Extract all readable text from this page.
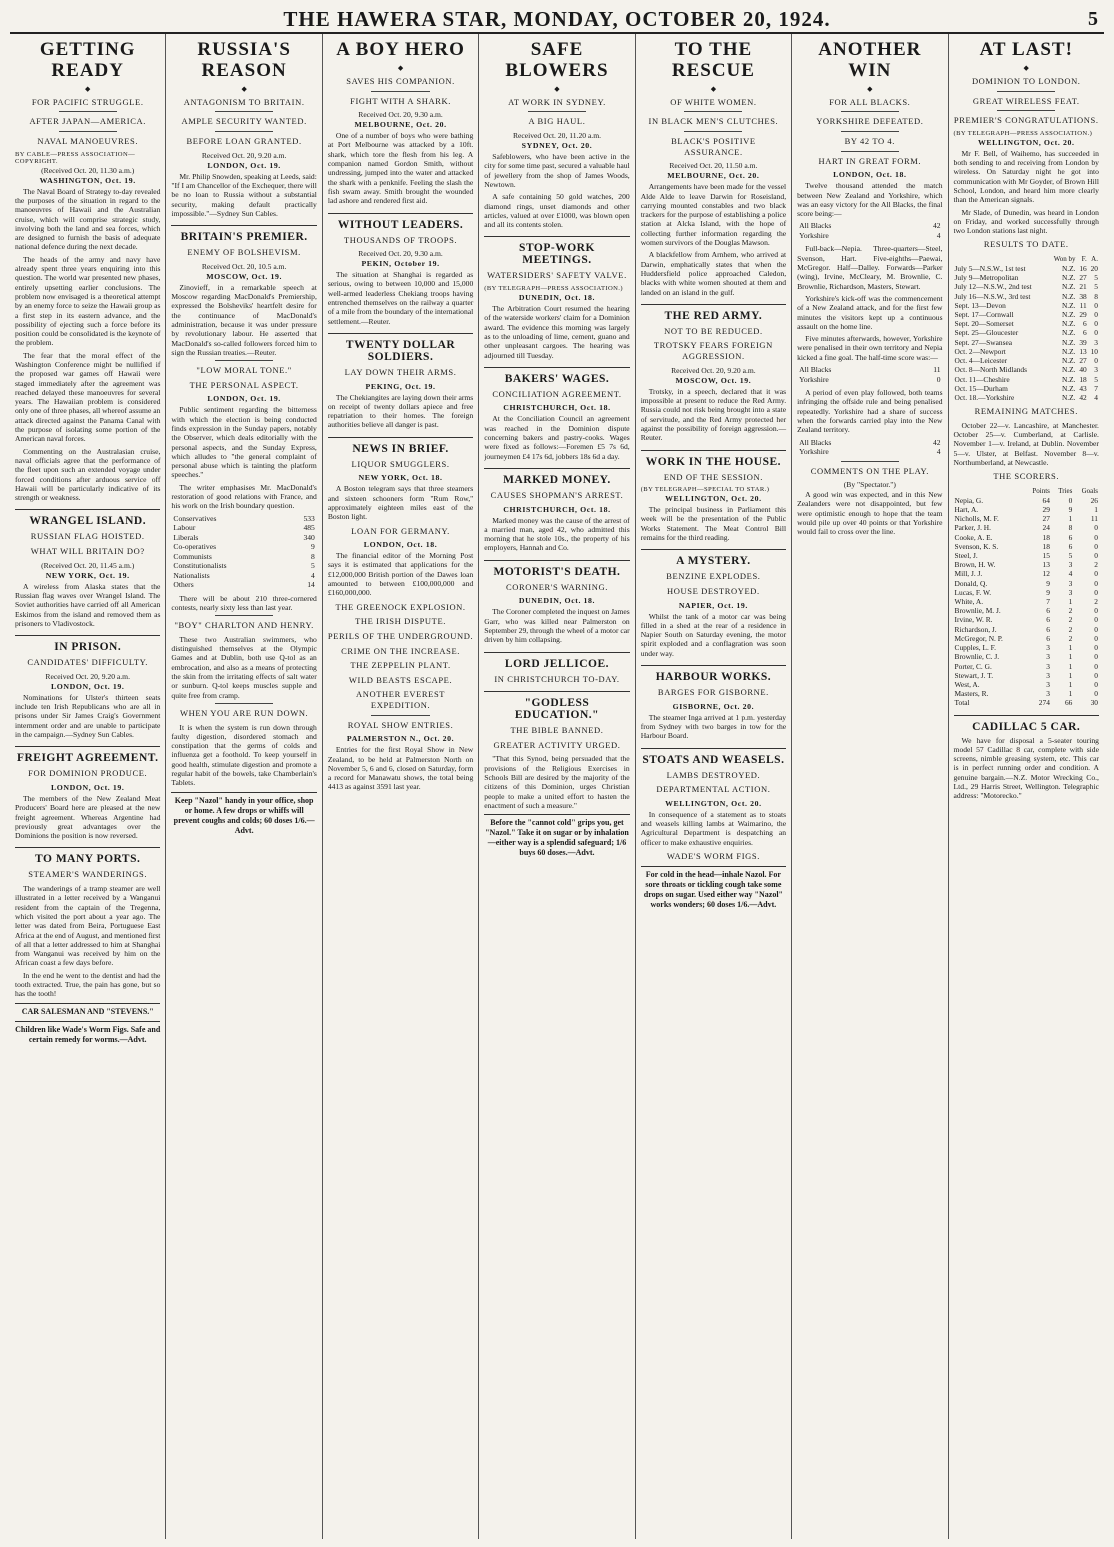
THE HAWERA STAR, MONDAY, OCTOBER 20, 1924.	5
GETTING READY
◆
FOR PACIFIC STRUGGLE.
AFTER JAPAN—AMERICA.
NAVAL MANOEUVRES.
BY CABLE—PRESS ASSOCIATION—COPYRIGHT.
(Received Oct. 20, 11.30 a.m.)
WASHINGTON, Oct. 19.

The Naval Board of Strategy to-day revealed the purposes of the situation in regard to the manoeuvres of Hawaii and the Australian cruise, which will comprise strategic study, involving both the land and sea forces, which are designed to furnish the basis of adequate national defence during the next decade.

The heads of the army and navy have already spent three years enquiring into this question. The world war presented new phases, entirely upsetting earlier conclusions. The problem now envisaged is a theoretical attempt by an enemy force to seize the Hawaii group as a first step in its eastern advance, and the possibility of ejecting such a force before its position could be consolidated is the keynote of the problem.

The fear that the moral effect of the Washington Conference might be nullified if the proposed war games off Hawaii were staged immediately after the agreement was reached delayed these manoeuvres for several years. The Hawaiian problem is considered only one of three phases, all whereof assume an attack directed against the Panama Canal with the purpose of isolating some portion of the American naval forces.

Commenting on the Australasian cruise, naval officials agree that the performance of the fleet upon such an extended voyage under forced conditions after arduous service off Hawaii will be particularly indicative of its strength or weakness.

WRANGEL ISLAND.
RUSSIAN FLAG HOISTED.
WHAT WILL BRITAIN DO?
(Received Oct. 20, 11.45 a.m.)
NEW YORK, Oct. 19.

A wireless from Alaska states that the Russian flag waves over Wrangel Island. The Soviet authorities have carried off all American Eskimos from the island and removed them as prisoners to Vladivostock.

IN PRISON.
CANDIDATES' DIFFICULTY.
Received Oct. 20, 9.20 a.m.
LONDON, Oct. 19.

Nominations for Ulster's thirteen seats include ten Irish Republicans who are all in prisons under Sir James Craig's Government internment order and are unable to participate in the campaign.—Sydney Sun Cables.

FREIGHT AGREEMENT.
FOR DOMINION PRODUCE.
LONDON, Oct. 19.

The members of the New Zealand Meat Producers' Board here are pleased at the new freight agreement. Whereas Argentine had previously great advantages over the Dominions the position is now reversed.

TO MANY PORTS.
STEAMER'S WANDERINGS.

The wanderings of a tramp steamer are well illustrated in a letter received by a Wanganui resident from the captain of the Tregenna, which visited the port about a year ago. The letter was dated from Beira, Portuguese East Africa at the end of August, and mentioned first of all that a letter addressed to him at Shanghai from Wanganui was received by him on the African coast a few days before.

In the end he went to the dentist and had the tooth extracted. True, the pain has gone, but so has the tooth!

CAR SALESMAN AND "STEVENS."
Children like Wade's Worm Figs. Safe and certain remedy for worms.—Advt.
RUSSIA'S REASON
◆
ANTAGONISM TO BRITAIN.
AMPLE SECURITY WANTED.
BEFORE LOAN GRANTED.
Received Oct. 20, 9.20 a.m.
LONDON, Oct. 19.

Mr. Philip Snowden, speaking at Leeds, said: "If I am Chancellor of the Exchequer, there will be no loan to Russia without a substantial security, making default practically impossible."—Sydney Sun Cables.

BRITAIN'S PREMIER.
ENEMY OF BOLSHEVISM.
Received Oct. 20, 10.5 a.m.
MOSCOW, Oct. 19.

Zinovieff, in a remarkable speech at Moscow regarding MacDonald's Premiership, expressed the Bolsheviks' heartfelt desire for the continuance of MacDonald's administration, because it was under pressure by revolutionary labour. He asserted that MacDonald's so-called followers forced him to sign the Russian treaties.—Reuter.

"LOW MORAL TONE."
THE PERSONAL ASPECT.
LONDON, Oct. 19.

Public sentiment regarding the bitterness with which the election is being conducted finds expression in the Sunday papers, notably the Observer, which deals editorially with the personal aspects, and the Sunday Express, which alludes to "the general complaint of personal abuse which is tainting the platform speeches."

The writer emphasises Mr. MacDonald's restoration of good relations with France, and his work on the Irish boundary question.

Conservatives	533
Labour	485
Liberals	340
Co-operatives	9
Communists	8
Constitutionalists	5
Nationalists	4
Others	14

There will be about 210 three-cornered contests, nearly sixty less than last year.

"BOY" CHARLTON AND HENRY.

These two Australian swimmers, who distinguished themselves at the Olympic Games and at Dublin, both use Q-tol as an embrocation, and also as a means of protecting the skin from the irritating effects of salt water or sunburn. Q-tol keeps muscles supple and quite free from cramp.

WHEN YOU ARE RUN DOWN.

It is when the system is run down through faulty digestion, disordered stomach and constipation that the germs of colds and influenza get a foothold. To keep yourself in good health, stimulate digestion and promote a regular habit of the bowels, take Chamberlain's Tablets.

Keep "Nazol" handy in your office, shop or home. A few drops or whiffs will prevent coughs and colds; 60 doses 1/6.—Advt.
A BOY HERO
◆
SAVES HIS COMPANION.
FIGHT WITH A SHARK.
Received Oct. 20, 9.30 a.m.
MELBOURNE, Oct. 20.

One of a number of boys who were bathing at Port Melbourne was attacked by a 10ft. shark, which tore the flesh from his leg. A companion named Gordon Smith, without undressing, jumped into the water and attacked the shark with a penknife. Feeling the slash the fish swam away. Smith brought the wounded lad ashore and rendered first aid.

WITHOUT LEADERS.
THOUSANDS OF TROOPS.
Received Oct. 20, 9.30 a.m.
PEKIN, October 19.

The situation at Shanghai is regarded as serious, owing to between 10,000 and 15,000 well-armed leaderless Chekiang troops having entrenched themselves on the railway a quarter of a mile from the boundary of the international settlement.—Reuter.

TWENTY DOLLAR SOLDIERS.
LAY DOWN THEIR ARMS.
PEKING, Oct. 19.

The Chekiangites are laying down their arms on receipt of twenty dollars apiece and free repatriation to their homes. The foreign authorities believe all danger is past.

NEWS IN BRIEF.
LIQUOR SMUGGLERS.
NEW YORK, Oct. 18.

A Boston telegram says that three steamers and sixteen schooners form "Rum Row," approximately eighteen miles east of the Boston light.

LOAN FOR GERMANY.
LONDON, Oct. 18.

The financial editor of the Morning Post says it is estimated that applications for the £12,000,000 British portion of the Dawes loan amounted to between £100,000,000 and £160,000,000.

THE GREENOCK EXPLOSION.
THE IRISH DISPUTE.
PERILS OF THE UNDERGROUND.
CRIME ON THE INCREASE.
THE ZEPPELIN PLANT.
WILD BEASTS ESCAPE.
ANOTHER EVEREST EXPEDITION.
ROYAL SHOW ENTRIES.
PALMERSTON N., Oct. 20.

Entries for the first Royal Show in New Zealand, to be held at Palmerston North on November 5, 6 and 6, closed on Saturday, form a record for Manawatu shows, the total being 4413 as against 3591 last year.

SAFE BLOWERS
◆
AT WORK IN SYDNEY.
A BIG HAUL.
Received Oct. 20, 11.20 a.m.
SYDNEY, Oct. 20.

Safeblowers, who have been active in the city for some time past, secured a valuable haul of jewellery from the shop of James Woods, Newtown.

A safe containing 50 gold watches, 200 diamond rings, unset diamonds and other articles, valued at over £1000, was blown open and all its contents stolen.

STOP-WORK MEETINGS.
WATERSIDERS' SAFETY VALVE.
(BY TELEGRAPH—PRESS ASSOCIATION.)
DUNEDIN, Oct. 18.

The Arbitration Court resumed the hearing of the waterside workers' claim for a Dominion award. The evidence this morning was largely as to the unloading of lime, cement, guano and other unpleasant cargoes. The hearing was adjourned till Tuesday.

BAKERS' WAGES.
CONCILIATION AGREEMENT.
CHRISTCHURCH, Oct. 18.

At the Conciliation Council an agreement was reached in the Dominion dispute concerning bakers and pastry-cooks. Wages were fixed as follows:—Foremen £5 7s 6d, journeymen £4 17s 6d, jobbers 18s 6d a day.

MARKED MONEY.
CAUSES SHOPMAN'S ARREST.
CHRISTCHURCH, Oct. 18.

Marked money was the cause of the arrest of a married man, aged 42, who admitted this morning that he stole 10s., the property of his employers, Hannah and Co.

MOTORIST'S DEATH.
CORONER'S WARNING.
DUNEDIN, Oct. 18.

The Coroner completed the inquest on James Garr, who was killed near Palmerston on September 29, through the wheel of a motor car driven by him collapsing.

LORD JELLICOE.
IN CHRISTCHURCH TO-DAY.
"GODLESS EDUCATION."
THE BIBLE BANNED.
GREATER ACTIVITY URGED.

"That this Synod, being persuaded that the provisions of the Religious Exercises in Schools Bill are desired by the majority of the citizens of this Dominion, urges Christian people to make a united effort to hasten the enactment of such a measure."

Before the "cannot cold" grips you, get "Nazol." Take it on sugar or by inhalation—either way is a splendid safeguard; 1/6 buys 60 doses.—Advt.
TO THE RESCUE
◆
OF WHITE WOMEN.
IN BLACK MEN'S CLUTCHES.
BLACK'S POSITIVE ASSURANCE.
Received Oct. 20, 11.50 a.m.
MELBOURNE, Oct. 20.

Arrangements have been made for the vessel Alde Alde to leave Darwin for Roseisland, carrying mounted constables and two black trackers for the purpose of establishing a police station at Alcka Island, with the hope of collecting further information regarding the women survivors of the Douglas Mawson.

A blackfellow from Arnhem, who arrived at Darwin, emphatically states that when the Huddersfield police approached Caledon, blacks with white women shouted at them and landed on an island in the gulf.

THE RED ARMY.
NOT TO BE REDUCED.
TROTSKY FEARS FOREIGN AGGRESSION.
Received Oct. 20, 9.20 a.m.
MOSCOW, Oct. 19.

Trotsky, in a speech, declared that it was impossible at present to reduce the Red Army. Russia could not risk being brought into a state of servitude, and the Red Army protected her against the possibility of foreign aggression.—Reuter.

WORK IN THE HOUSE.
END OF THE SESSION.
(BY TELEGRAPH—SPECIAL TO STAR.)
WELLINGTON, Oct. 20.

The principal business in Parliament this week will be the presentation of the Public Works Statement. The Meat Control Bill remains for the third reading.

A MYSTERY.
BENZINE EXPLODES.
HOUSE DESTROYED.
NAPIER, Oct. 19.

Whilst the tank of a motor car was being filled in a shed at the rear of a residence in Napier South on Saturday evening, the motor spirit exploded and a conflagration was soon under way.

HARBOUR WORKS.
BARGES FOR GISBORNE.
GISBORNE, Oct. 20.

The steamer Inga arrived at 1 p.m. yesterday from Sydney with two barges in tow for the Harbour Board.

STOATS AND WEASELS.
LAMBS DESTROYED.
DEPARTMENTAL ACTION.
WELLINGTON, Oct. 20.

In consequence of a statement as to stoats and weasels killing lambs at Waimarino, the Agricultural Department is despatching an officer to make exhaustive enquiries.

WADE'S WORM FIGS.
For cold in the head—inhale Nazol. For sore throats or tickling cough take some drops on sugar. Used either way "Nazol" works wonders; 60 doses 1/6.—Advt.
ANOTHER WIN
◆
FOR ALL BLACKS.
YORKSHIRE DEFEATED.
BY 42 TO 4.
HART IN GREAT FORM.
LONDON, Oct. 18.

Twelve thousand attended the match between New Zealand and Yorkshire, which was an easy victory for the All Blacks, the final score being:—

All Blacks	42
Yorkshire	4

Full-back—Nepia. Three-quarters—Steel, Svenson, Hart. Five-eighths—Paewai, McGregor. Half—Dalley. Forwards—Parker (wing), Irvine, McCleary, M. Brownlie, C. Brownlie, Richardson, Masters, Stewart.

Yorkshire's kick-off was the commencement of a New Zealand attack, and for the first few minutes the visitors kept up a continuous assault on the home line.

Five minutes afterwards, however, Yorkshire were penalised in their own territory and Nepia kicked a fine goal. The half-time score was:—

All Blacks	11
Yorkshire	0

A period of even play followed, both teams infringing the offside rule and being penalised repeatedly. Yorkshire had a share of success when the forwards carried play into the New Zealand territory.

All Blacks	42
Yorkshire	4
COMMENTS ON THE PLAY.
(By "Spectator.")

A good win was expected, and in this New Zealanders were not disappointed, but few were optimistic enough to hope that the team would pile up over 40 points or that Yorkshire would fail to cross over the line.

AT LAST!
◆
DOMINION TO LONDON.
GREAT WIRELESS FEAT.
PREMIER'S CONGRATULATIONS.
(BY TELEGRAPH—PRESS ASSOCIATION.)
WELLINGTON, Oct. 20.

Mr F. Bell, of Waihemo, has succeeded in both sending to and receiving from London by wireless. On Saturday night he got into communication with Mr Goyder, of Brown Hill School, London, and heard him more clearly than the American signals.

Mr Slade, of Dunedin, was heard in London on Friday, and worked successfully through two London stations last night.

RESULTS TO DATE.
	Won by	F.	A.
July 5—N.S.W., 1st test	N.Z.	16	20
July 9—Metropolitan	N.Z.	27	5
July 12—N.S.W., 2nd test	N.Z.	21	5
July 16—N.S.W., 3rd test	N.Z.	38	8
Sept. 13—Devon	N.Z.	11	0
Sept. 17—Cornwall	N.Z.	29	0
Sept. 20—Somerset	N.Z.	6	0
Sept. 25—Gloucester	N.Z.	6	0
Sept. 27—Swansea	N.Z.	39	3
Oct. 2—Newport	N.Z.	13	10
Oct. 4—Leicester	N.Z.	27	0
Oct. 8—North Midlands	N.Z.	40	3
Oct. 11—Cheshire	N.Z.	18	5
Oct. 15—Durham	N.Z.	43	7
Oct. 18.—Yorkshire	N.Z.	42	4
REMAINING MATCHES.

October 22—v. Lancashire, at Manchester. October 25—v. Cumberland, at Carlisle. November 1—v. Ireland, at Dublin. November 5—v. Ulster, at Belfast. November 8—v. Northumberland, at Newcastle.

THE SCORERS.
	Points	Tries	Goals
Nepia, G.	64	0	26
Hart, A.	29	9	1
Nicholls, M. F.	27	1	11
Parker, J. H.	24	8	0
Cooke, A. E.	18	6	0
Svenson, K. S.	18	6	0
Steel, J.	15	5	0
Brown, H. W.	13	3	2
Mill, J. J.	12	4	0
Donald, Q.	9	3	0
Lucas, F. W.	9	3	0
White, A.	7	1	2
Brownlie, M. J.	6	2	0
Irvine, W. R.	6	2	0
Richardson, J.	6	2	0
McGregor, N. P.	6	2	0
Cupples, L. F.	3	1	0
Brownlie, C. J.	3	1	0
Porter, C. G.	3	1	0
Stewart, J. T.	3	1	0
West, A.	3	1	0
Masters, R.	3	1	0
Total	274	66	30
CADILLAC 5 CAR.

We have for disposal a 5-seater touring model 57 Cadillac 8 car, complete with side screens, nimble greasing system, etc. This car is in perfect running order and condition. A genuine bargain.—N.Z. Motor Wrecking Co., Ltd., 29 Harris Street, Wellington. Telegraphic address: "Motorecko."
